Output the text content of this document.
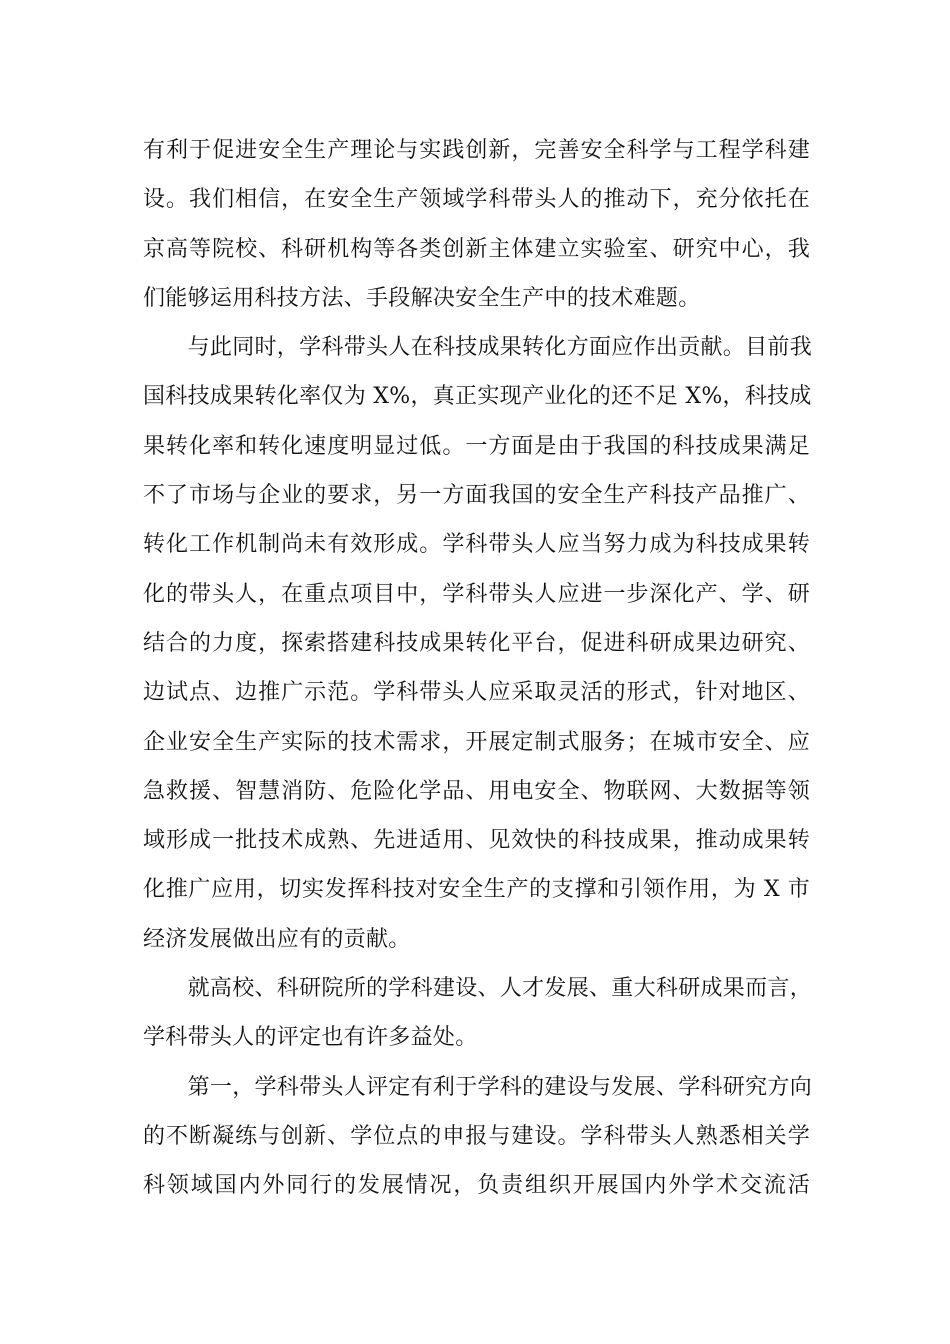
有利于促进安全生产理论与实践创新，完善安全科学与工程学科建
设。我们相信，在安全生产领域学科带头人的推动下，充分依托在
京高等院校、科研机构等各类创新主体建立实验室、研究中心，我
们能够运用科技方法、手段解决安全生产中的技术难题。
　　与此同时，学科带头人在科技成果转化方面应作出贡献。目前我
国科技成果转化率仅为 X%，真正实现产业化的还不足 X%，科技成
果转化率和转化速度明显过低。一方面是由于我国的科技成果满足
不了市场与企业的要求，另一方面我国的安全生产科技产品推广、
转化工作机制尚未有效形成。学科带头人应当努力成为科技成果转
化的带头人，在重点项目中，学科带头人应进一步深化产、学、研
结合的力度，探索搭建科技成果转化平台，促进科研成果边研究、
边试点、边推广示范。学科带头人应采取灵活的形式，针对地区、
企业安全生产实际的技术需求，开展定制式服务；在城市安全、应
急救援、智慧消防、危险化学品、用电安全、物联网、大数据等领
域形成一批技术成熟、先进适用、见效快的科技成果，推动成果转
化推广应用，切实发挥科技对安全生产的支撑和引领作用，为 X 市
经济发展做出应有的贡献。
　　就高校、科研院所的学科建设、人才发展、重大科研成果而言，
学科带头人的评定也有许多益处。
　　第一，学科带头人评定有利于学科的建设与发展、学科研究方向
的不断凝练与创新、学位点的申报与建设。学科带头人熟悉相关学
科领域国内外同行的发展情况，负责组织开展国内外学术交流活
